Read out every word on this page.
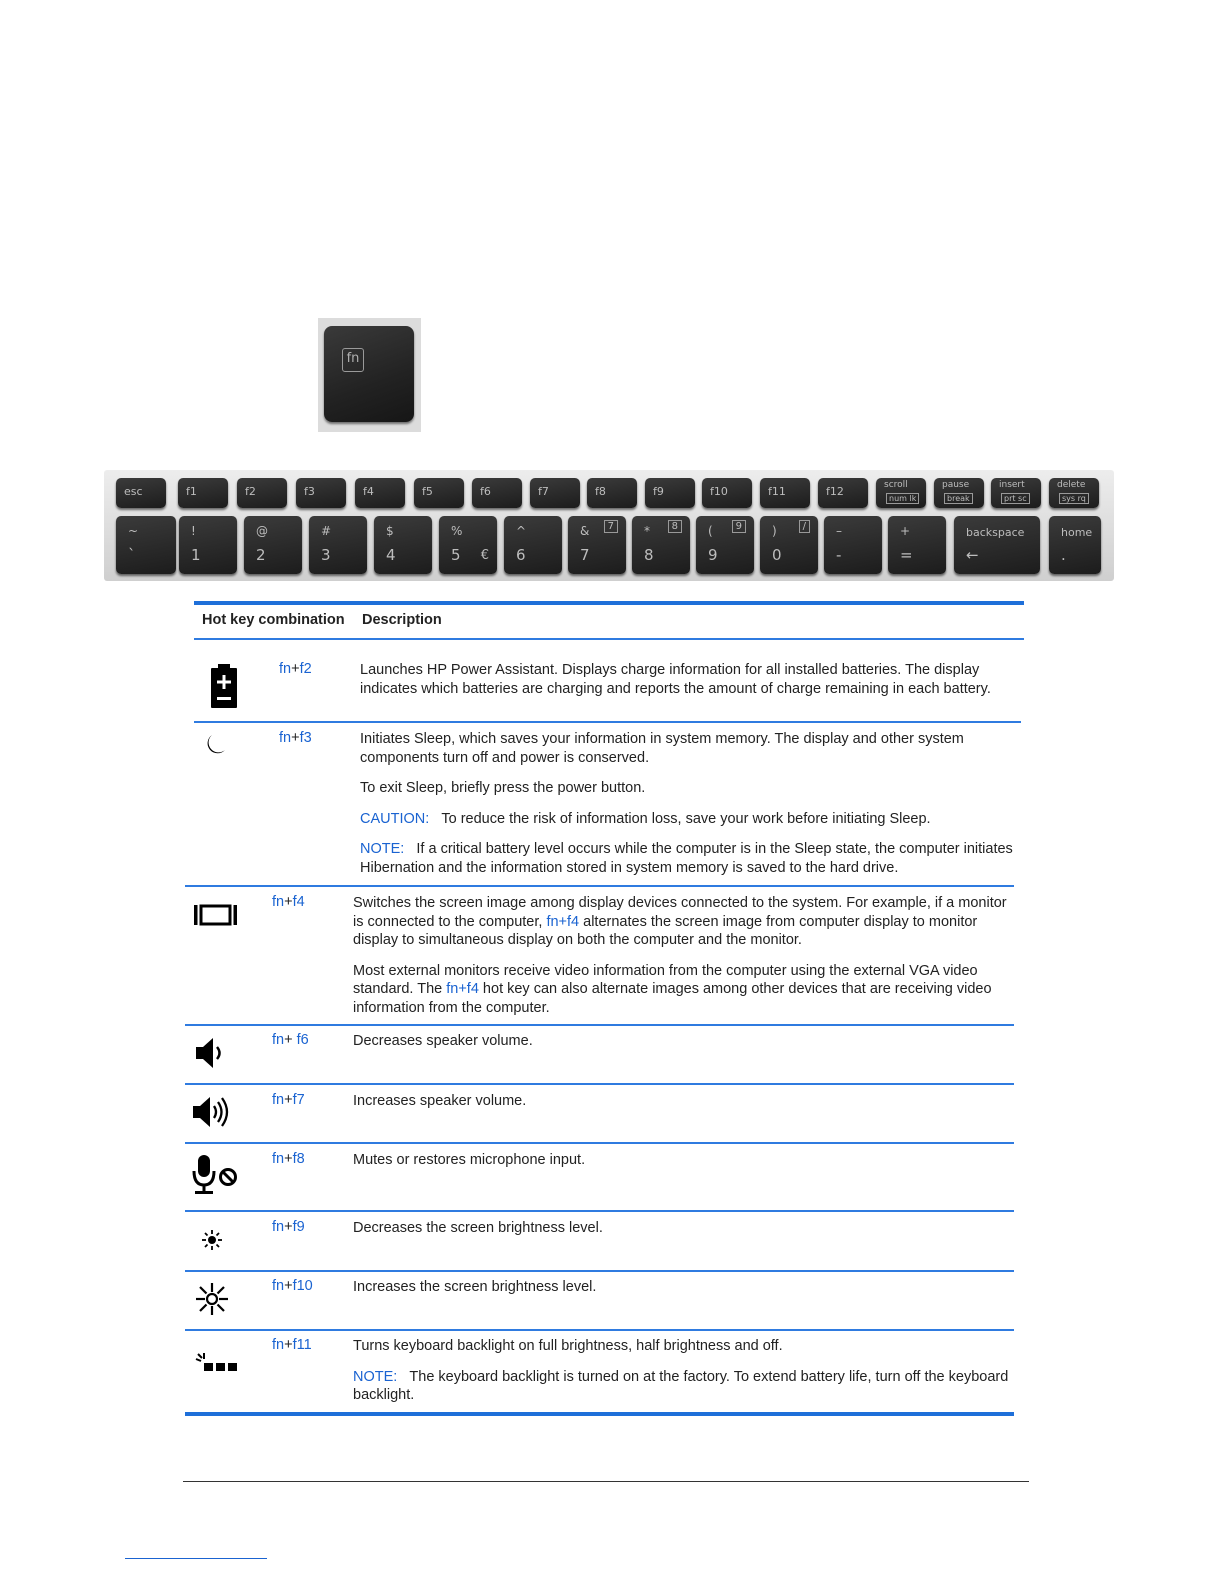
fn
esc	f1	f2	f3	f4	f5	f6	f7	f8	f9	f10	f11	f12	scroll
num lk
pause
break
insert
prt sc
delete
sys rq
~
`
!
1
@
2
#
3
$
4
%
5 €
^
6
&
7
7	*
8
8	(
9
9	)
0
/	–
-
+
=
backspace
←
home
.
Hot key combination Description
fn+f2	Launches HP Power Assistant. Displays charge information for all installed batteries. The display indicates which batteries are charging and reports the amount of charge remaining in each battery.

fn+f3	Initiates Sleep, which saves your information in system memory. The display and other system components turn off and power is conserved.

To exit Sleep, briefly press the power button.

CAUTION: To reduce the risk of information loss, save your work before initiating Sleep.

NOTE: If a critical battery level occurs while the computer is in the Sleep state, the computer initiates Hibernation and the information stored in system memory is saved to the hard drive.

fn+f4	Switches the screen image among display devices connected to the system. For example, if a monitor is connected to the computer, fn+f4 alternates the screen image from computer display to monitor display to simultaneous display on both the computer and the monitor.

Most external monitors receive video information from the computer using the external VGA video standard. The fn+f4 hot key can also alternate images among other devices that are receiving video information from the computer.

fn+ f6	Decreases speaker volume.

fn+f7	Increases speaker volume.

fn+f8	Mutes or restores microphone input.

fn+f9	Decreases the screen brightness level.

fn+f10	Increases the screen brightness level.

fn+f11	Turns keyboard backlight on full brightness, half brightness and off.

NOTE: The keyboard backlight is turned on at the factory. To extend battery life, turn off the keyboard backlight.
